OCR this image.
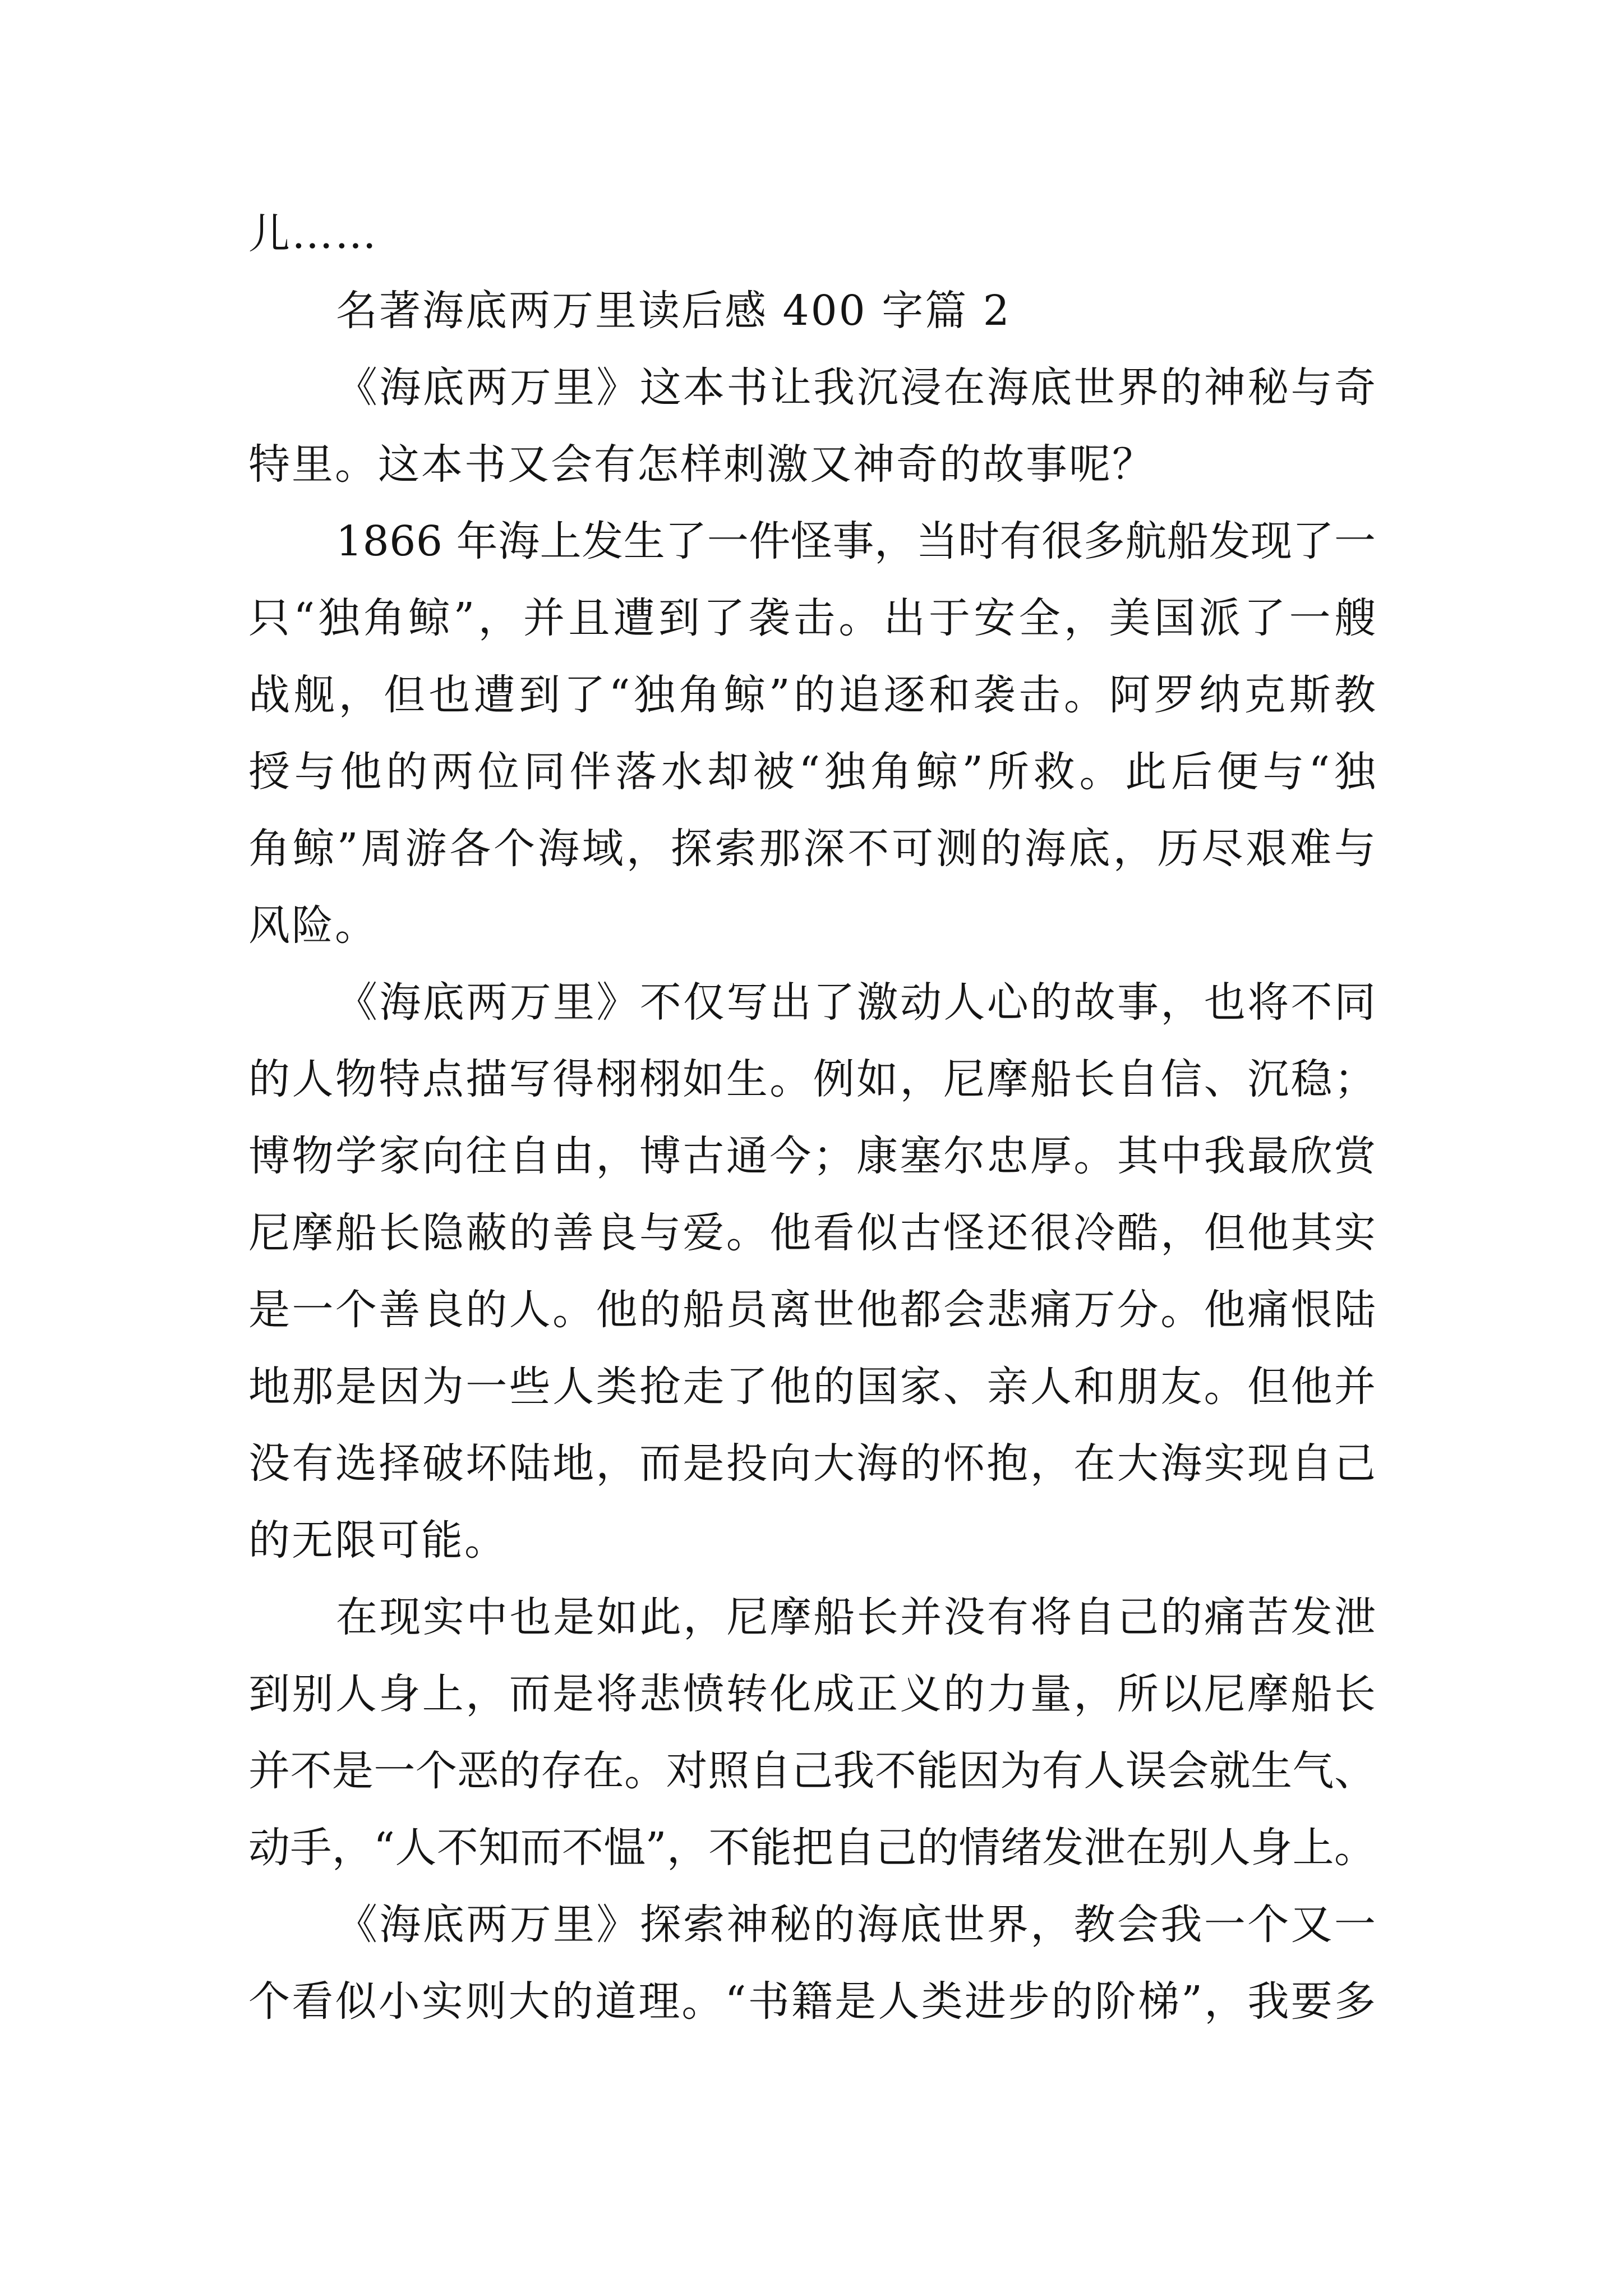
儿……
名著海底两万里读后感 400 字篇 2
《海底两万里》这本书让我沉浸在海底世界的神秘与奇
特里。这本书又会有怎样刺激又神奇的故事呢？
1866 年海上发生了一件怪事，当时有很多航船发现了一
只“独角鲸”，并且遭到了袭击。出于安全，美国派了一艘
战舰，但也遭到了“独角鲸”的追逐和袭击。阿罗纳克斯教
授与他的两位同伴落水却被“独角鲸”所救。此后便与“独
角鲸”周游各个海域，探索那深不可测的海底，历尽艰难与
风险。
《海底两万里》不仅写出了激动人心的故事，也将不同
的人物特点描写得栩栩如生。例如，尼摩船长自信、沉稳；
博物学家向往自由，博古通今；康塞尔忠厚。其中我最欣赏
尼摩船长隐蔽的善良与爱。他看似古怪还很冷酷，但他其实
是一个善良的人。他的船员离世他都会悲痛万分。他痛恨陆
地那是因为一些人类抢走了他的国家、亲人和朋友。但他并
没有选择破坏陆地，而是投向大海的怀抱，在大海实现自己
的无限可能。
在现实中也是如此，尼摩船长并没有将自己的痛苦发泄
到别人身上，而是将悲愤转化成正义的力量，所以尼摩船长
并不是一个恶的存在。对照自己我不能因为有人误会就生气、
动手，“人不知而不愠”，不能把自己的情绪发泄在别人身上。
《海底两万里》探索神秘的海底世界，教会我一个又一
个看似小实则大的道理。“书籍是人类进步的阶梯”，我要多
